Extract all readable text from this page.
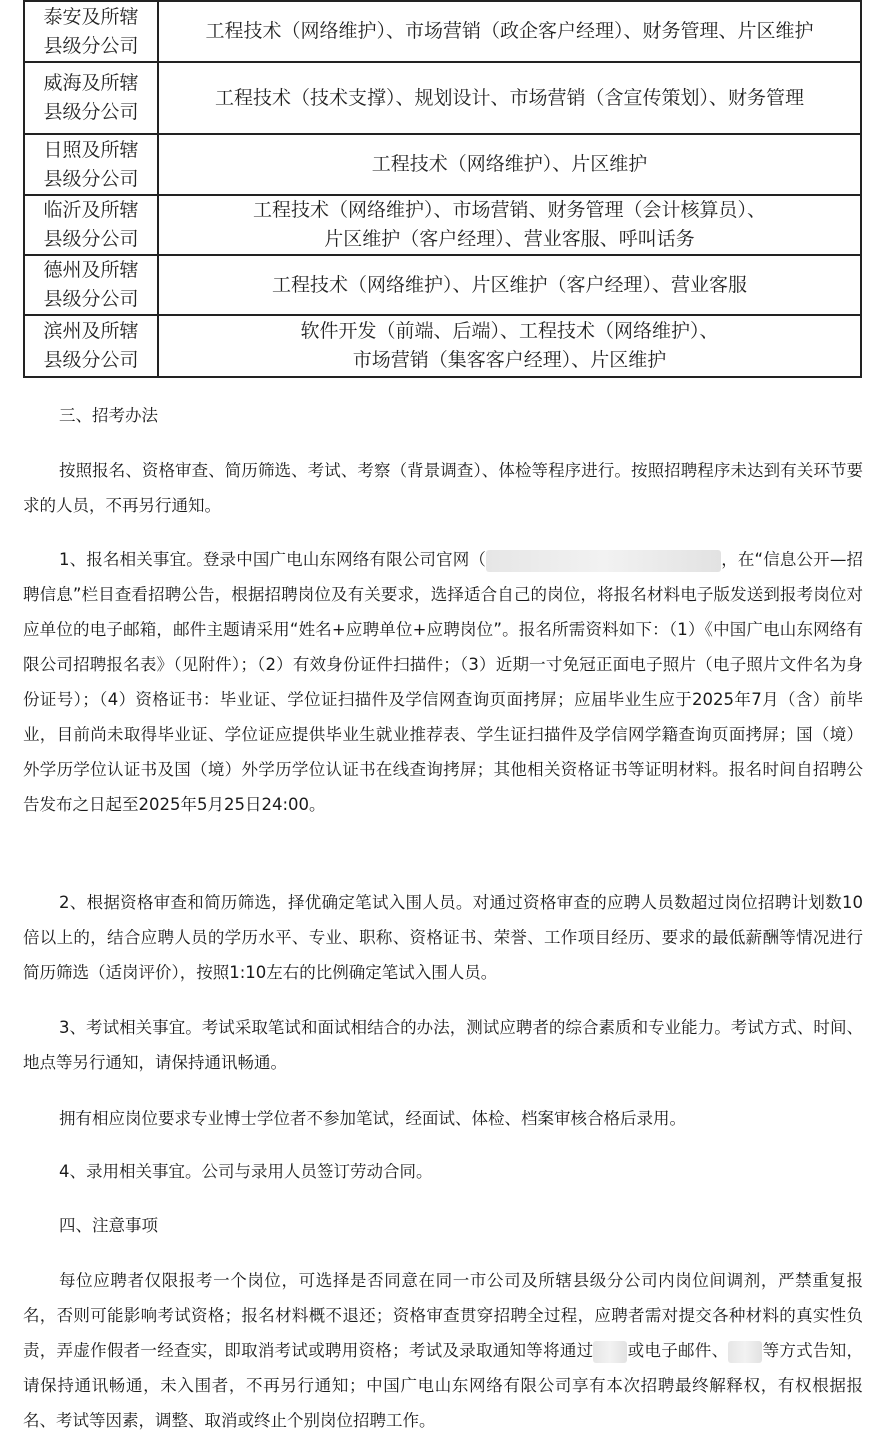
泰安及所辖
县级分公司	工程技术（网络维护）、市场营销（政企客户经理）、财务管理、片区维护

威海及所辖
县级分公司	工程技术（技术支撑）、规划设计、市场营销（含宣传策划）、财务管理

日照及所辖
县级分公司	工程技术（网络维护）、片区维护

临沂及所辖
县级分公司	工程技术（网络维护）、市场营销、财务管理（会计核算员）、
片区维护（客户经理）、营业客服、呼叫话务

德州及所辖
县级分公司	工程技术（网络维护）、片区维护（客户经理）、营业客服

滨州及所辖
县级分公司	软件开发（前端、后端）、工程技术（网络维护）、
市场营销（集客客户经理）、片区维护

三、招考办法

按照报名、资格审查、简历筛选、考试、考察（背景调查）、体检等程序进行。按照招聘程序未达到有关环节要求的人员，不再另行通知。

1、报名相关事宜。登录中国广电山东网络有限公司官网（	，在“信息公开—招聘信息”栏目查看招聘公告，根据招聘岗位及有关要求，选择适合自己的岗位，将报名材料电子版发送到报考岗位对应单位的电子邮箱，邮件主题请采用“姓名+应聘单位+应聘岗位”。报名所需资料如下：（1）《中国广电山东网络有限公司招聘报名表》（见附件）；（2）有效身份证件扫描件；（3）近期一寸免冠正面电子照片（电子照片文件名为身份证号）；（4）资格证书：毕业证、学位证扫描件及学信网查询页面拷屏；应届毕业生应于2025年7月（含）前毕业，目前尚未取得毕业证、学位证应提供毕业生就业推荐表、学生证扫描件及学信网学籍查询页面拷屏；国（境）外学历学位认证书及国（境）外学历学位认证书在线查询拷屏；其他相关资格证书等证明材料。报名时间自招聘公告发布之日起至2025年5月25日24:00。

2、根据资格审查和简历筛选，择优确定笔试入围人员。对通过资格审查的应聘人员数超过岗位招聘计划数10倍以上的，结合应聘人员的学历水平、专业、职称、资格证书、荣誉、工作项目经历、要求的最低薪酬等情况进行简历筛选（适岗评价），按照1:10左右的比例确定笔试入围人员。

3、考试相关事宜。考试采取笔试和面试相结合的办法，测试应聘者的综合素质和专业能力。考试方式、时间、地点等另行通知，请保持通讯畅通。

拥有相应岗位要求专业博士学位者不参加笔试，经面试、体检、档案审核合格后录用。

4、录用相关事宜。公司与录用人员签订劳动合同。

四、注意事项

每位应聘者仅限报考一个岗位，可选择是否同意在同一市公司及所辖县级分公司内岗位间调剂，严禁重复报名，否则可能影响考试资格；报名材料概不退还；资格审查贯穿招聘全过程，应聘者需对提交各种材料的真实性负责，弄虚作假者一经查实，即取消考试或聘用资格；考试及录取通知等将通过 或电子邮件、 等方式告知，请保持通讯畅通，未入围者，不再另行通知；中国广电山东网络有限公司享有本次招聘最终解释权，有权根据报名、考试等因素，调整、取消或终止个别岗位招聘工作。
